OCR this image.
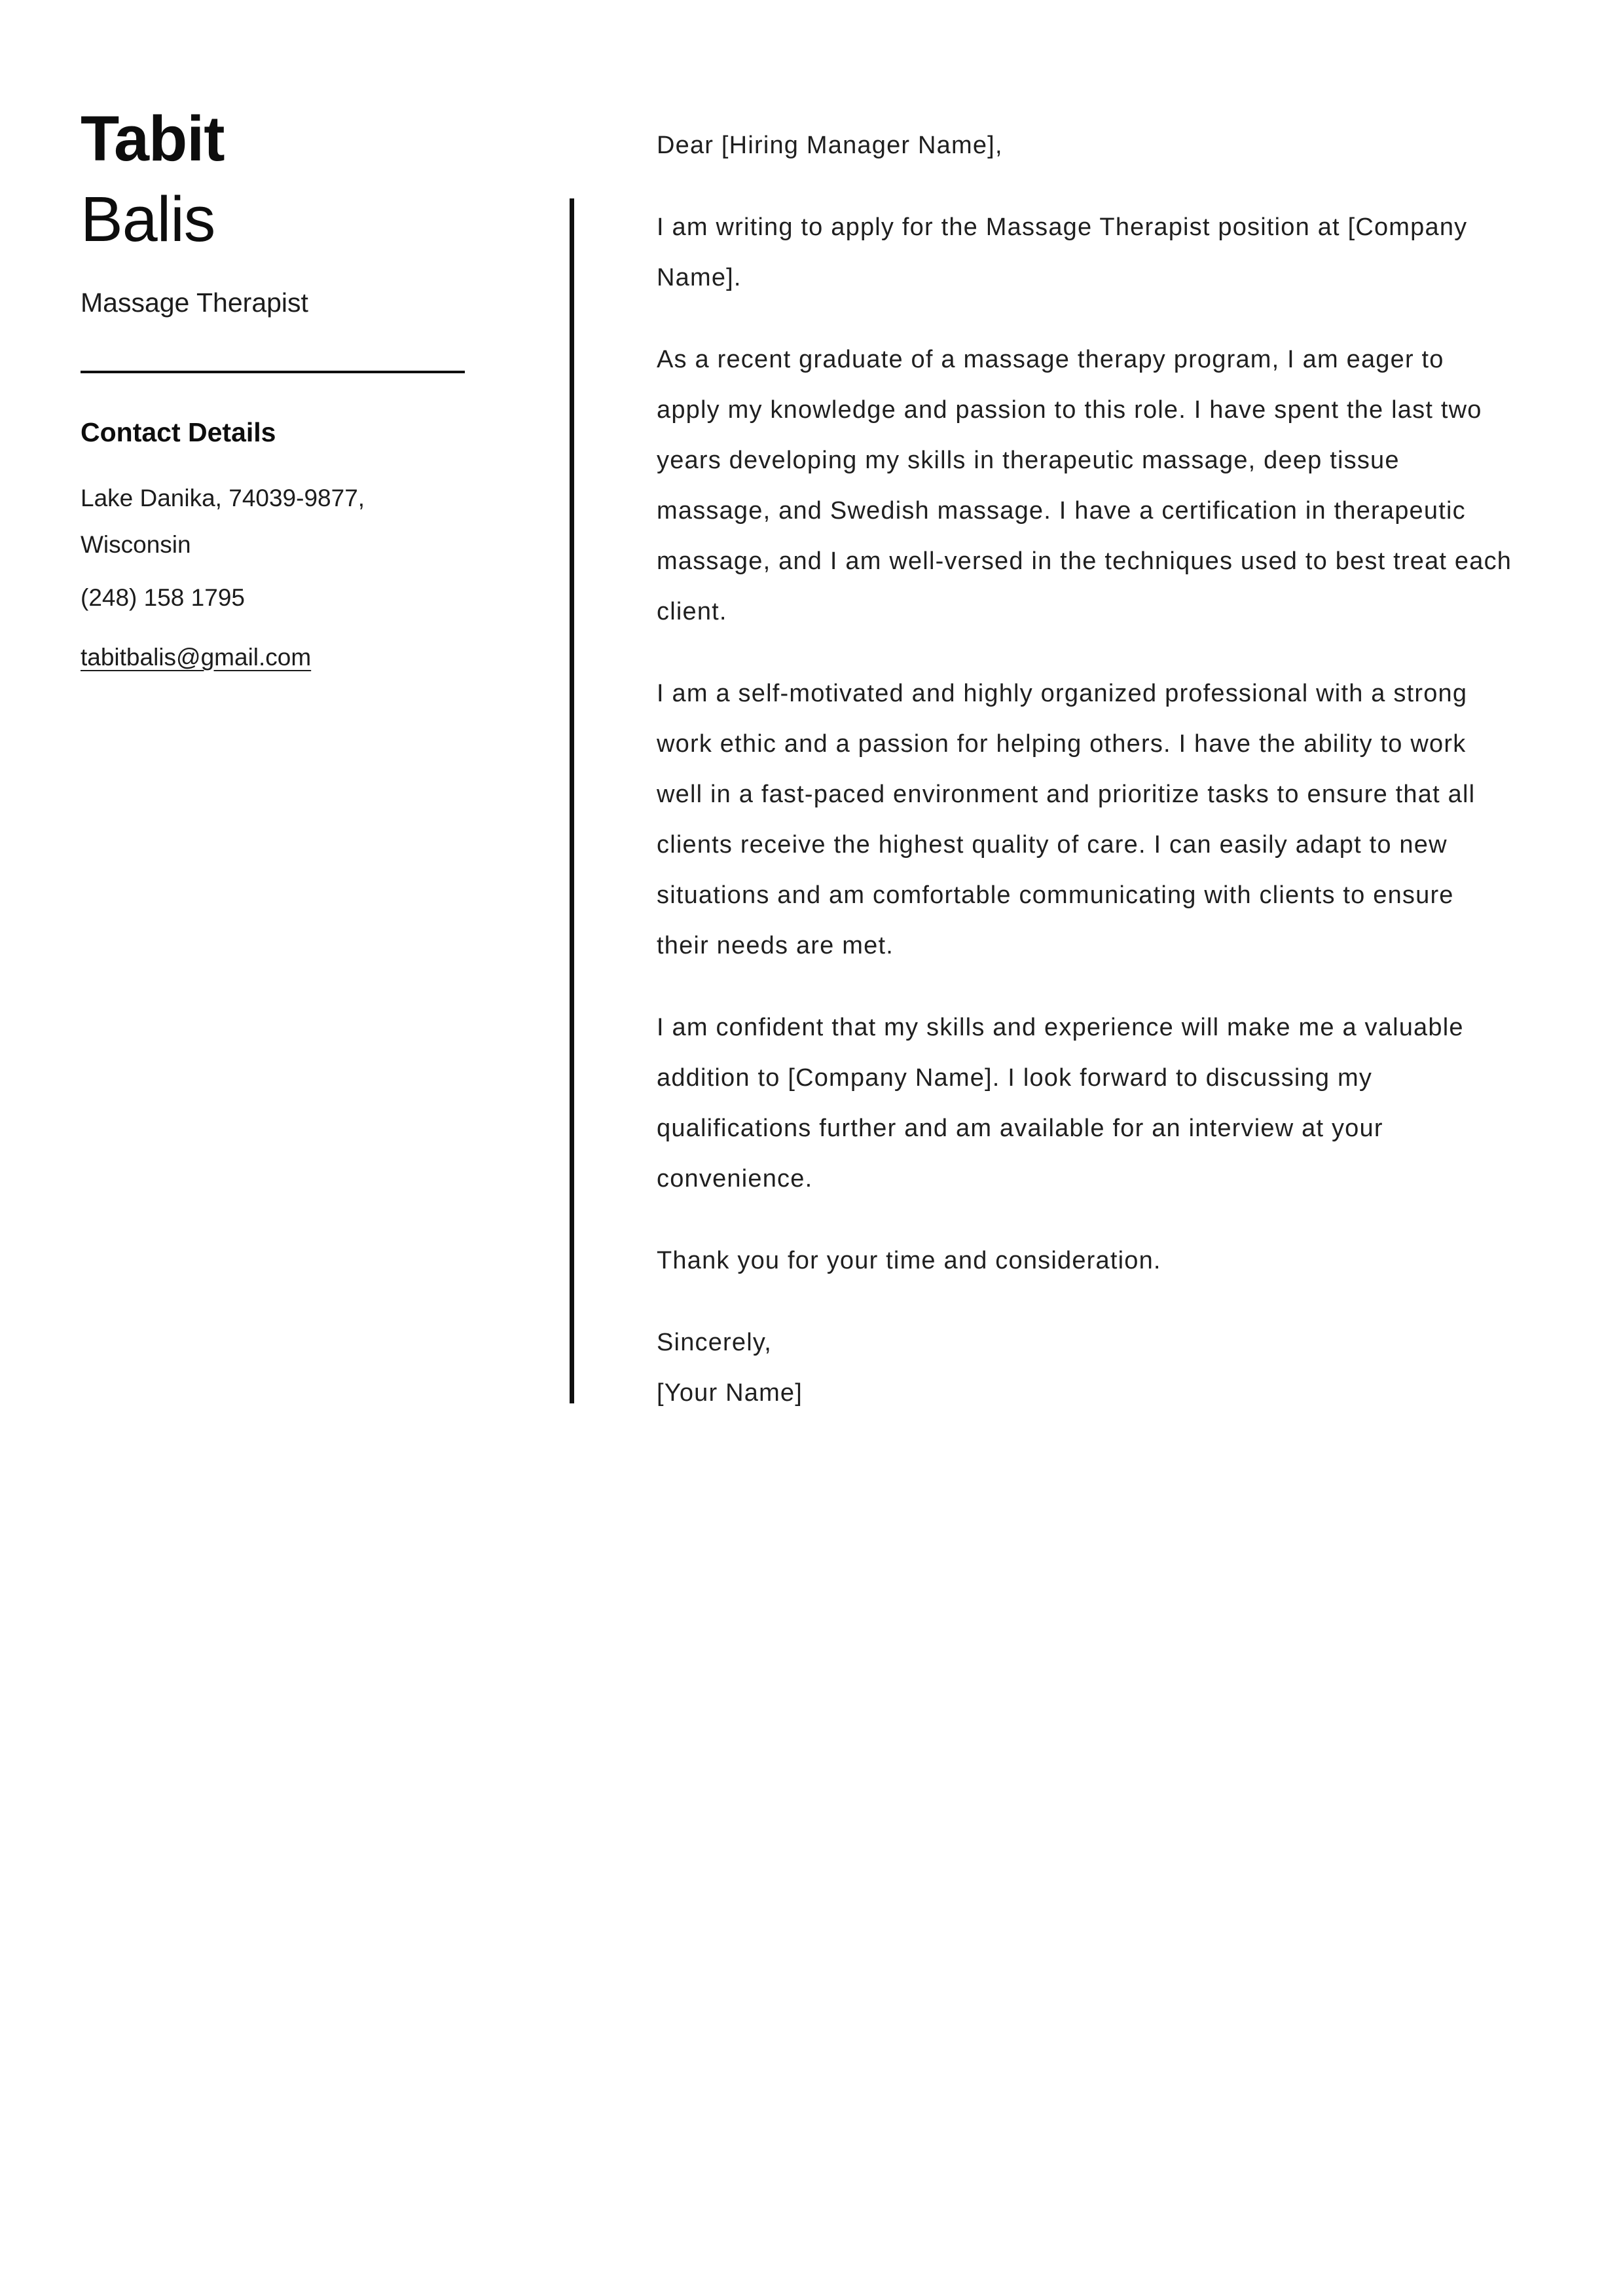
Tabit
Balis
Massage Therapist
Contact Details
Lake Danika, 74039-9877,
Wisconsin
(248) 158 1795
tabitbalis@gmail.com

Dear [Hiring Manager Name],

I am writing to apply for the Massage Therapist position at [Company Name].

As a recent graduate of a massage therapy program, I am eager to apply my knowledge and passion to this role. I have spent the last two years developing my skills in therapeutic massage, deep tissue massage, and Swedish massage. I have a certification in therapeutic massage, and I am well-versed in the techniques used to best treat each client.

I am a self-motivated and highly organized professional with a strong work ethic and a passion for helping others. I have the ability to work well in a fast-paced environment and prioritize tasks to ensure that all clients receive the highest quality of care. I can easily adapt to new situations and am comfortable communicating with clients to ensure their needs are met.

I am confident that my skills and experience will make me a valuable addition to [Company Name]. I look forward to discussing my qualifications further and am available for an interview at your convenience.

Thank you for your time and consideration.

Sincerely,
[Your Name]
